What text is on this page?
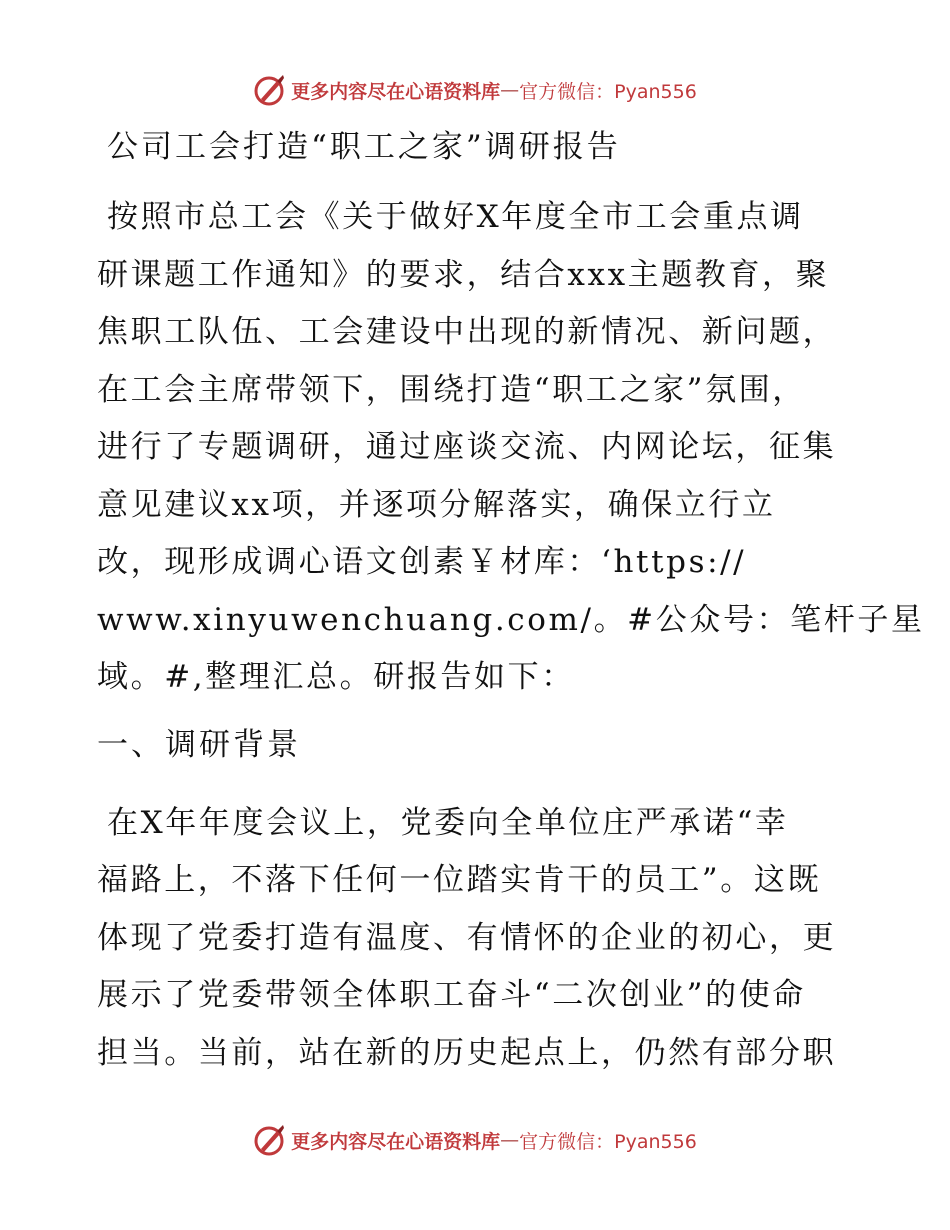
更多内容尽在心语资料库 — 官方微信：Pyan556
公司工会打造“职工之家”调研报告

按照市总工会《关于做好X年度全市工会重点调
研课题工作通知》的要求，结合xxx主题教育，聚
焦职工队伍、工会建设中出现的新情况、新问题，
在工会主席带领下，围绕打造“职工之家”氛围，
进行了专题调研，通过座谈交流、内网论坛，征集
意见建议xx项，并逐项分解落实，确保立行立
改，现形成调心语文创素￥材库：‘https://
www.xinyuwenchuang.com/。#公众号：笔杆子星
域。#,整理汇总。研报告如下：

一、调研背景

在X年年度会议上，党委向全单位庄严承诺“幸
福路上，不落下任何一位踏实肯干的员工”。这既
体现了党委打造有温度、有情怀的企业的初心，更
展示了党委带领全体职工奋斗“二次创业”的使命
担当。当前，站在新的历史起点上，仍然有部分职

更多内容尽在心语资料库 — 官方微信：Pyan556
